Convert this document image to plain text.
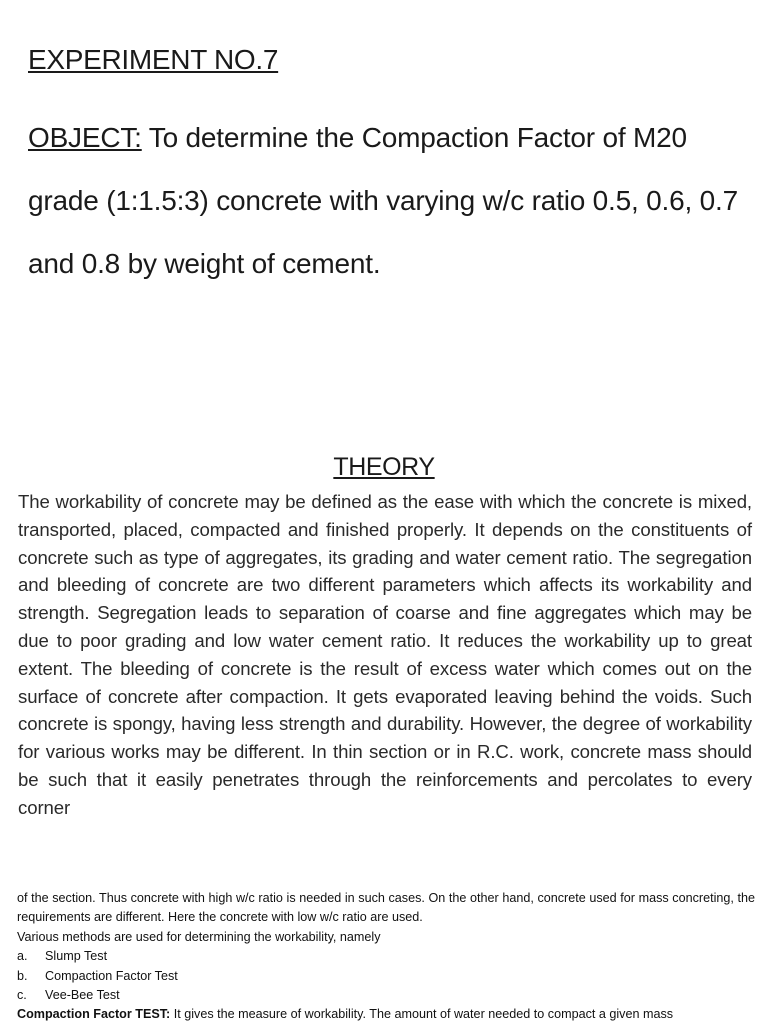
EXPERIMENT NO.7

OBJECT: To determine the Compaction Factor of M20 grade (1:1.5:3) concrete with varying w/c ratio 0.5, 0.6, 0.7 and 0.8 by weight of cement.

THEORY

The workability of concrete may be defined as the ease with which the concrete is mixed, transported, placed, compacted and finished properly. It depends on the constituents of concrete such as type of aggregates, its grading and water cement ratio. The segregation and bleeding of concrete are two different parameters which affects its workability and strength. Segregation leads to separation of coarse and fine aggregates which may be due to poor grading and low water cement ratio. It reduces the workability up to great extent. The bleeding of concrete is the result of excess water which comes out on the surface of concrete after compaction. It gets evaporated leaving behind the voids. Such concrete is spongy, having less strength and durability. However, the degree of workability for various works may be different. In thin section or in R.C. work, concrete mass should be such that it easily penetrates through the reinforcements and percolates to every corner

of the section. Thus concrete with high w/c ratio is needed in such cases. On the other hand, concrete used for mass concreting, the requirements are different. Here the concrete with low w/c ratio are used.

Various methods are used for determining the workability, namely

a.	Slump Test
b.	Compaction Factor Test
c.	Vee-Bee Test

Compaction Factor TEST: It gives the measure of workability. The amount of water needed to compact a given mass
